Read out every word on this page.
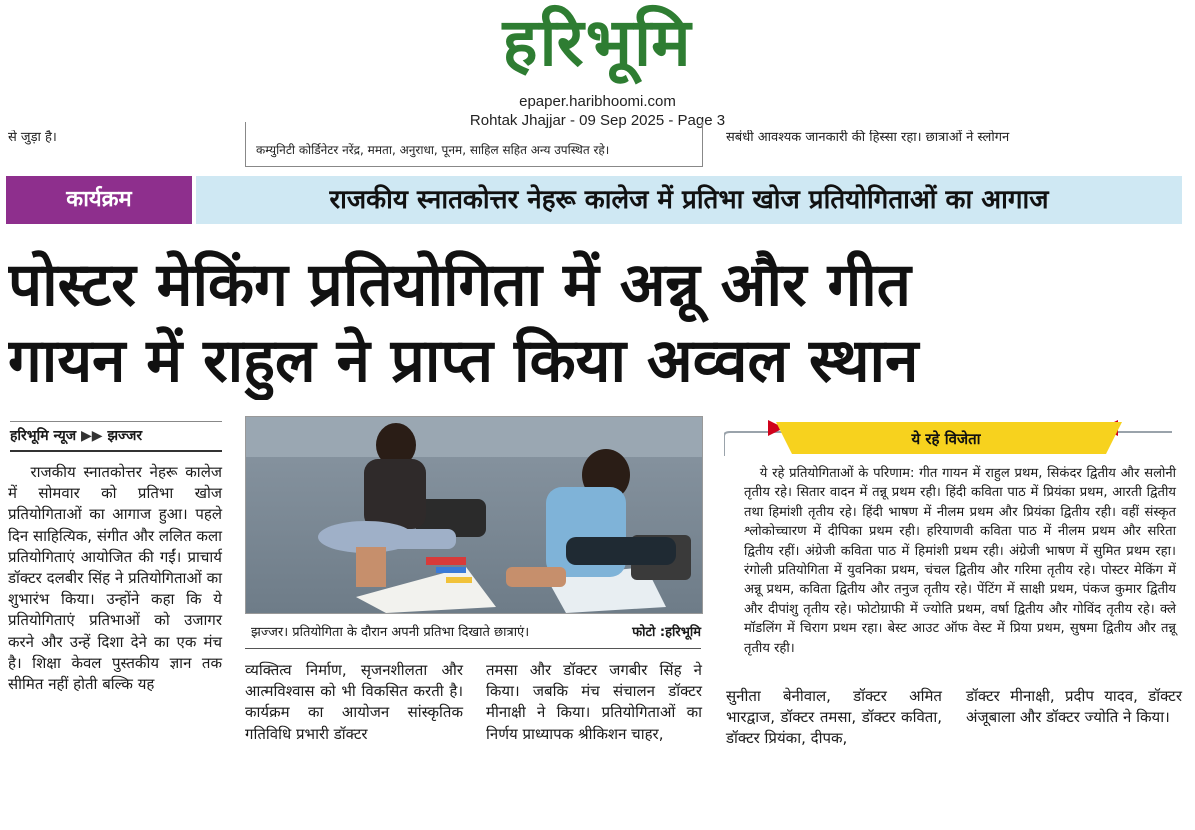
हरिभूमि
epaper.haribhoomi.com
Rohtak Jhajjar - 09 Sep 2025 - Page 3
से जुड़ा है।
कम्युनिटी कोर्डिनेटर नरेंद्र, ममता, अनुराधा, पूनम, साहिल सहित अन्य उपस्थित रहे।
सबंधी आवश्यक जानकारी की हिस्सा रहा। छात्राओं ने स्लोगन
कार्यक्रम	राजकीय स्नातकोत्तर नेहरू कालेज में प्रतिभा खोज प्रतियोगिताओं का आगाज
पोस्टर मेकिंग प्रतियोगिता में अन्नू और गीत
गायन में राहुल ने प्राप्त किया अव्वल स्थान
हरिभूमि न्यूज ▶▶ झज्जर

राजकीय स्नातकोत्तर नेहरू कालेज में सोमवार को प्रतिभा खोज प्रतियोगिताओं का आगाज हुआ। पहले दिन साहित्यिक, संगीत और ललित कला प्रतियोगिताएं आयोजित की गईं। प्राचार्य डॉक्टर दलबीर सिंह ने प्रतियोगिताओं का शुभारंभ किया। उन्होंने कहा कि ये प्रतियोगिताएं प्रतिभाओं को उजागर करने और उन्हें दिशा देने का एक मंच है। शिक्षा केवल पुस्तकीय ज्ञान तक सीमित नहीं होती बल्कि यह

झज्जर। प्रतियोगिता के दौरान अपनी प्रतिभा दिखाते छात्राएं।	फोटो :हरिभूमि
व्यक्तित्व निर्माण, सृजनशीलता और आत्मविश्वास को भी विकसित करती है। कार्यक्रम का आयोजन सांस्कृतिक गतिविधि प्रभारी डॉक्टर
तमसा और डॉक्टर जगबीर सिंह ने किया। जबकि मंच संचालन डॉक्टर मीनाक्षी ने किया। प्रतियोगिताओं का निर्णय प्राध्यापक श्रीकिशन चाहर,
ये रहे विजेता

ये रहे प्रतियोगिताओं के परिणाम: गीत गायन में राहुल प्रथम, सिकंदर द्वितीय और सलोनी तृतीय रहे। सितार वादन में तन्नू प्रथम रही। हिंदी कविता पाठ में प्रियंका प्रथम, आरती द्वितीय तथा हिमांशी तृतीय रहे। हिंदी भाषण में नीलम प्रथम और प्रियंका द्वितीय रही। वहीं संस्कृत श्लोकोच्चारण में दीपिका प्रथम रही। हरियाणवी कविता पाठ में नीलम प्रथम और सरिता द्वितीय रहीं। अंग्रेजी कविता पाठ में हिमांशी प्रथम रही। अंग्रेजी भाषण में सुमित प्रथम रहा। रंगोली प्रतियोगिता में युवनिका प्रथम, चंचल द्वितीय और गरिमा तृतीय रहे। पोस्टर मेकिंग में अन्नू प्रथम, कविता द्वितीय और तनुज तृतीय रहे। पेंटिंग में साक्षी प्रथम, पंकज कुमार द्वितीय और दीपांशु तृतीय रहे। फोटोग्राफी में ज्योति प्रथम, वर्षा द्वितीय और गोविंद तृतीय रहे। क्ले मॉडलिंग में चिराग प्रथम रहा। बेस्ट आउट ऑफ वेस्ट में प्रिया प्रथम, सुषमा द्वितीय और तन्नू तृतीय रही।

सुनीता बेनीवाल, डॉक्टर अमित भारद्वाज, डॉक्टर तमसा, डॉक्टर कविता, डॉक्टर प्रियंका, दीपक,
डॉक्टर मीनाक्षी, प्रदीप यादव, डॉक्टर अंजूबाला और डॉक्टर ज्योति ने किया।
